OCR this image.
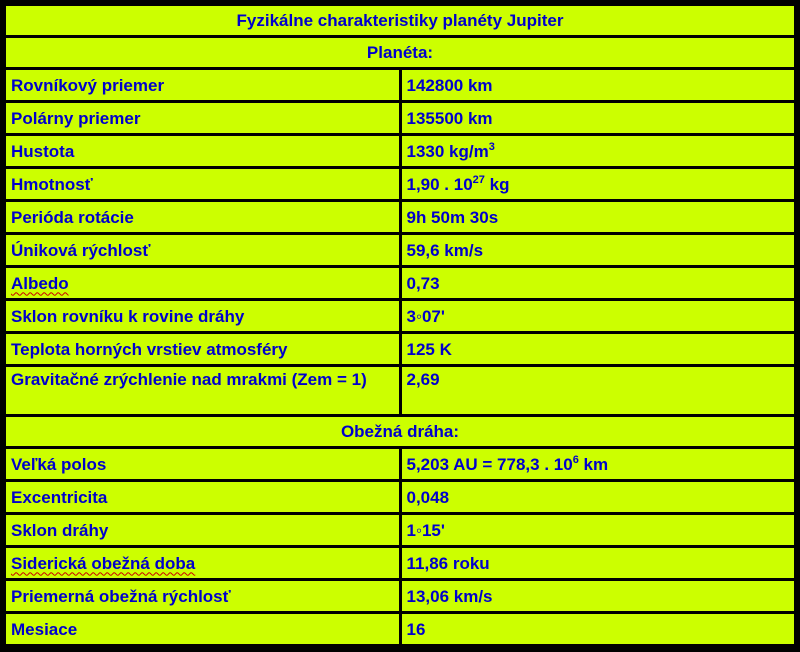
Fyzikálne charakteristiky planéty Jupiter	
Planéta:	
Rovníkový priemer	142800 km
Polárny priemer	135500 km
Hustota	1330 $kg/m^3$
Hmotnosť	1,90 . $10^{27}$ kg
Perióda rotácie	9h 50m 30s
Úniková rýchlosť	59,6 km/s
Albedo	0,73
Sklon rovníku k rovine dráhy	3◦07'
Teplota horných vrstiev atmosféry	125 K
Gravitačné zrýchlenie nad mrakmi (Zem = 1)	2,69
Obežná dráha:	
Veľká polos	5,203 AU = 778,3 . $10^6$ km
Excentricita	0,048
Sklon dráhy	1◦15'
Siderická obežná doba	11,86 roku
Priemerná obežná rýchlosť	13,06 km/s
Mesiace	16
